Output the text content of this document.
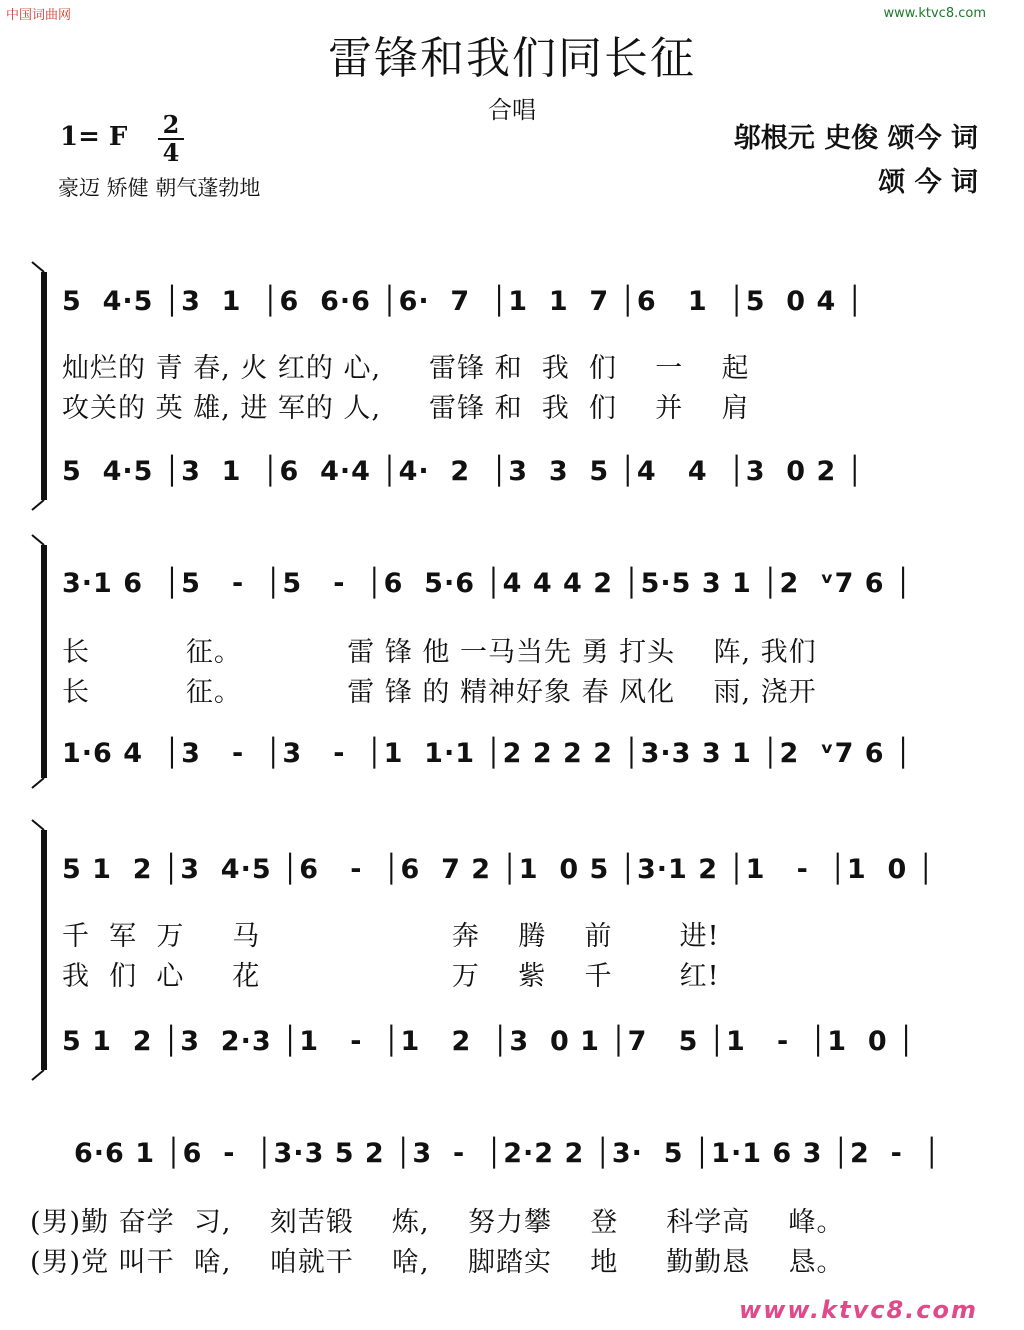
中国词曲网	www.ktvc8.com
雷锋和我们同长征
合唱
1= F 2
4
豪迈 矫健 朝气蓬勃地
邬根元 史俊 颂今 词
颂 今 词
5  4·5 │3  1  │6  6·6 │6·  7  │1  1  7 │6   1  │5  0 4 │
灿烂的 青 春, 火 红的 心,     雷锋 和  我  们    一    起
攻关的 英 雄, 进 军的 人,     雷锋 和  我  们    并    肩
5  4·5 │3  1  │6  4·4 │4·  2  │3  3  5 │4   4  │3  0 2 │
3·1 6  │5   -  │5   -  │6  5·6 │4 4 4 2 │5·5 3 1 │2  ᵛ7 6 │
长          征。           雷 锋 他 一马当先 勇 打头    阵, 我们
长          征。           雷 锋 的 精神好象 春 风化    雨, 浇开
1·6 4  │3   -  │3   -  │1  1·1 │2 2 2 2 │3·3 3 1 │2  ᵛ7 6 │
5 1  2 │3  4·5 │6   -  │6  7 2 │1  0 5 │3·1 2 │1   -  │1  0 │
千  军  万     马                    奔    腾    前       进!
我  们  心     花                    万    紫    千       红!
5 1  2 │3  2·3 │1   -  │1   2  │3  0 1 │7   5 │1   -  │1  0 │
6·6 1 │6  -  │3·3 5 2 │3  -  │2·2 2 │3·  5 │1·1 6 3 │2  -  │
(男)勤 奋学  习,    刻苦锻    炼,    努力攀    登     科学高    峰。
(男)党 叫干  啥,    咱就干    啥,    脚踏实    地     勤勤恳    恳。
www.ktvc8.com
